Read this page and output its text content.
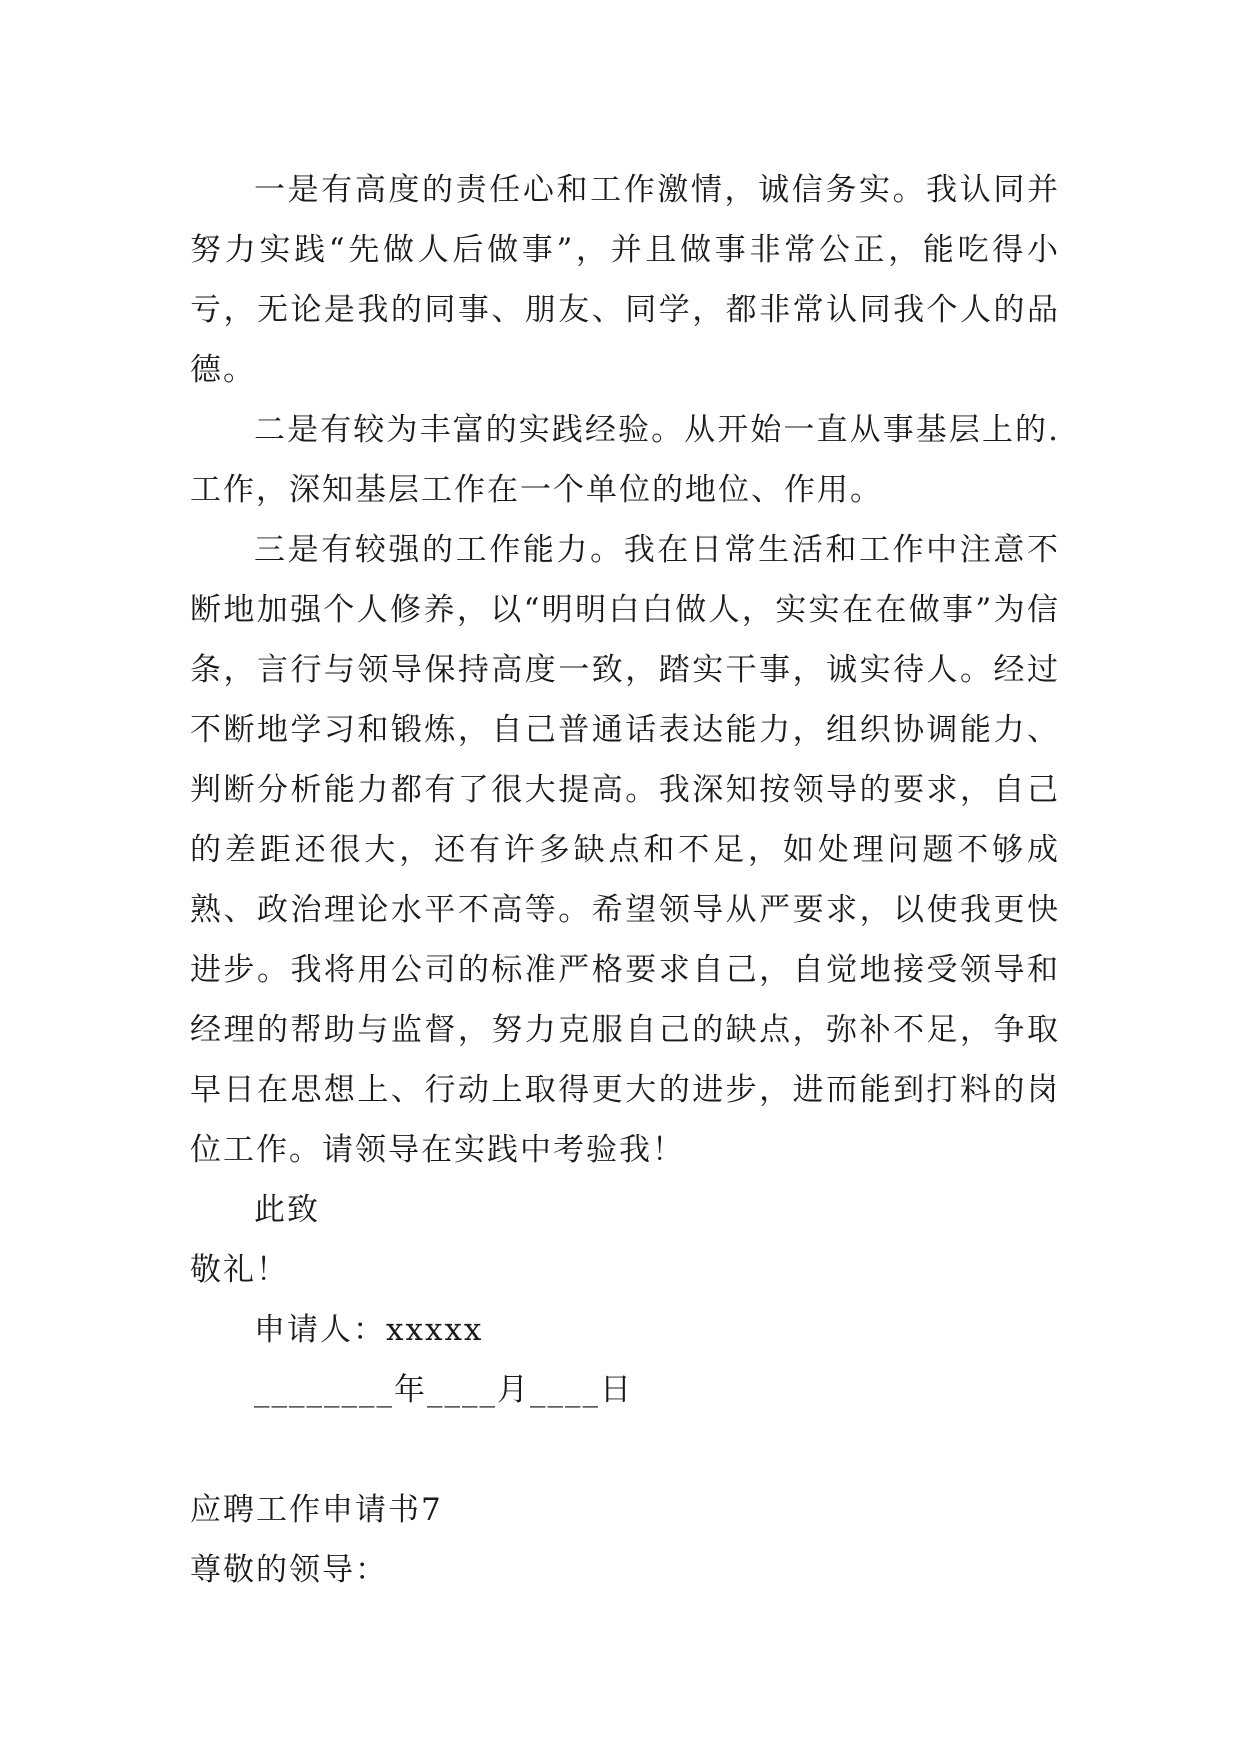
一是有高度的责任心和工作激情，诚信务实。我认同并努力实践“先做人后做事”，并且做事非常公正，能吃得小亏，无论是我的同事、朋友、同学，都非常认同我个人的品德。

二是有较为丰富的实践经验。从开始一直从事基层上的.工作，深知基层工作在一个单位的地位、作用。

三是有较强的工作能力。我在日常生活和工作中注意不断地加强个人修养，以“明明白白做人，实实在在做事”为信条，言行与领导保持高度一致，踏实干事，诚实待人。经过不断地学习和锻炼，自己普通话表达能力，组织协调能力、判断分析能力都有了很大提高。我深知按领导的要求，自己的差距还很大，还有许多缺点和不足，如处理问题不够成熟、政治理论水平不高等。希望领导从严要求，以使我更快进步。我将用公司的标准严格要求自己，自觉地接受领导和经理的帮助与监督，努力克服自己的缺点，弥补不足，争取早日在思想上、行动上取得更大的进步，进而能到打料的岗位工作。请领导在实践中考验我！

此致

敬礼！

申请人：xxxxx

________年____月____日

应聘工作申请书7

尊敬的领导：
